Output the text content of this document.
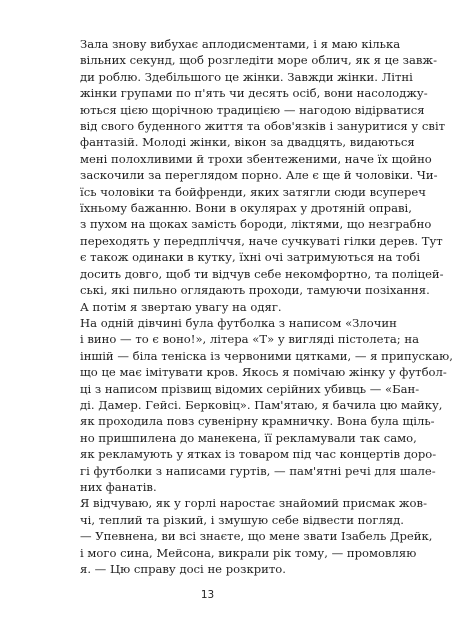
Зала знову вибухає аплодисментами, і я маю кілька
вільних секунд, щоб розгледіти море облич, як я це завж-
ди роблю. Здебільшого це жінки. Завжди жінки. Літні
жінки групами по п'ять чи десять осіб, вони насолоджу-
ються цією щорічною традицією — нагодою відірватися
від свого буденного життя та обов'язків і зануритися у світ
фантазій. Молоді жінки, вікон за двадцять, видаються
мені полохливими й трохи збентеженими, наче їх щойно
заскочили за переглядом порно. Але є ще й чоловіки. Чи-
їсь чоловіки та бойфренди, яких затягли сюди всупереч
їхньому бажанню. Вони в окулярах у дротяній оправі,
з пухом на щоках замість бороди, ліктями, що незграбно
переходять у передпліччя, наче сучкуваті гілки дерев. Тут
є також одинаки в кутку, їхні очі затримуються на тобі
досить довго, щоб ти відчув себе некомфортно, та поліцей-
ські, які пильно оглядають проходи, тамуючи позіхання.

А потім я звертаю увагу на одяг.

На одній дівчині була футболка з написом «Злочин
і вино — то є воно!», літера «Т» у вигляді пістолета; на
іншій — біла теніска із червоними цятками, — я припускаю,
що це має імітувати кров. Якось я помічаю жінку у футбол-
ці з написом прізвищ відомих серійних убивць — «Бан-
ді. Дамер. Гейсі. Берковіц». Пам'ятаю, я бачила цю майку,
як проходила повз сувенірну крамничку. Вона була щіль-
но пришпилена до манекена, її рекламували так само,
як рекламують у ятках із товаром під час концертів доро-
гі футболки з написами гуртів, — пам'ятні речі для шале-
них фанатів.

Я відчуваю, як у горлі наростає знайомий присмак жов-
чі, теплий та різкий, і змушую себе відвести погляд.

— Упевнена, ви всі знаєте, що мене звати Ізабель Дрейк,
і мого сина, Мейсона, викрали рік тому, — промовляю
я. — Цю справу досі не розкрито.

13
